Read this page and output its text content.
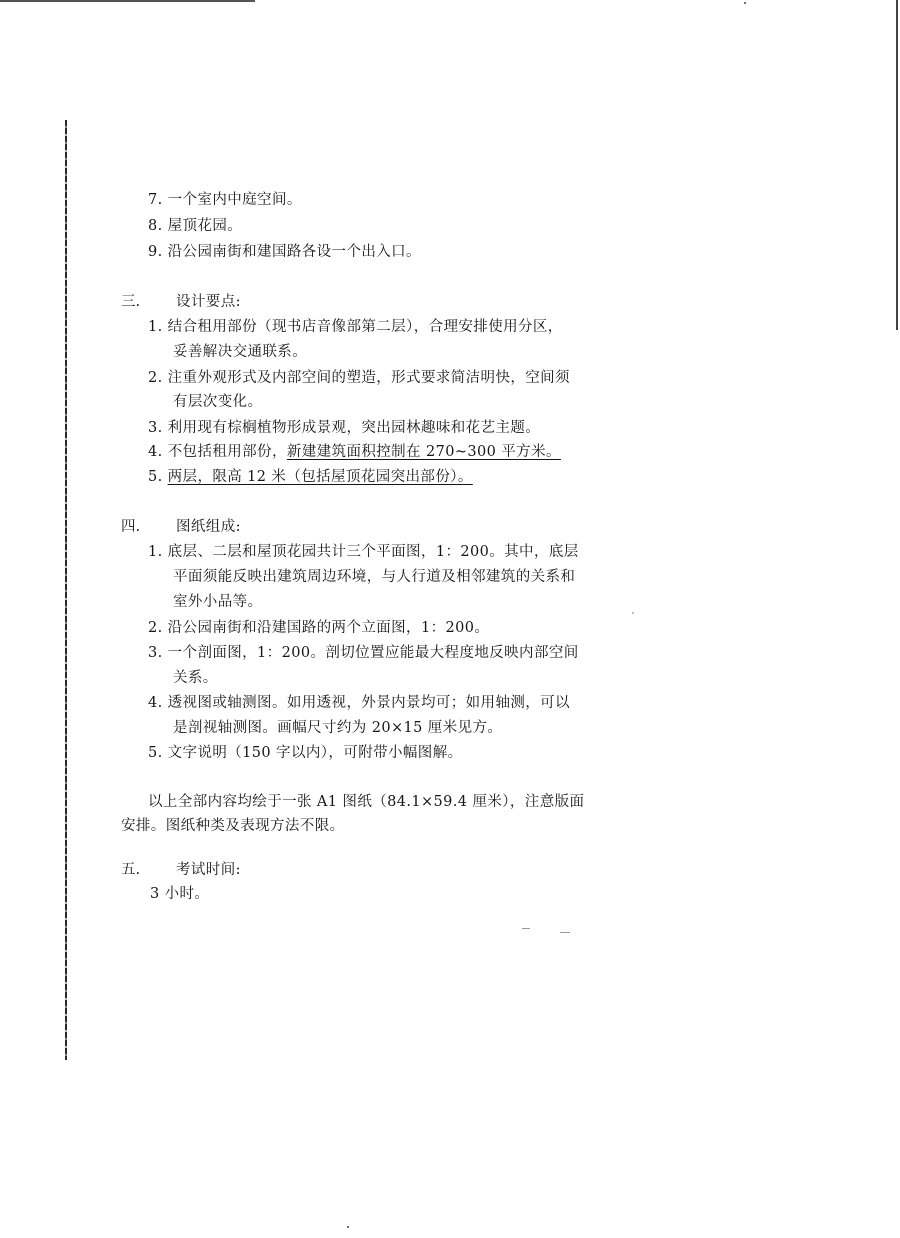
7. 一个室内中庭空间。
8. 屋顶花园。
9. 沿公园南街和建国路各设一个出入口。
三. 设计要点:
1. 结合租用部份（现书店音像部第二层），合理安排使用分区，
妥善解决交通联系。
2. 注重外观形式及内部空间的塑造，形式要求简洁明快，空间须
有层次变化。
3. 利用现有棕榈植物形成景观，突出园林趣味和花艺主题。
4. 不包括租用部份，新建建筑面积控制在 270~300 平方米。
5. 两层，限高 12 米（包括屋顶花园突出部份）。
四. 图纸组成:
1. 底层、二层和屋顶花园共计三个平面图，1：200。其中，底层
平面须能反映出建筑周边环境，与人行道及相邻建筑的关系和
室外小品等。
2. 沿公园南街和沿建国路的两个立面图，1：200。
3. 一个剖面图，1：200。剖切位置应能最大程度地反映内部空间
关系。
4. 透视图或轴测图。如用透视，外景内景均可；如用轴测，可以
是剖视轴测图。画幅尺寸约为 20×15 厘米见方。
5. 文字说明（150 字以内），可附带小幅图解。
以上全部内容均绘于一张 A1 图纸（84.1×59.4 厘米），注意版面
安排。图纸种类及表现方法不限。
五. 考试时间:
3 小时。
